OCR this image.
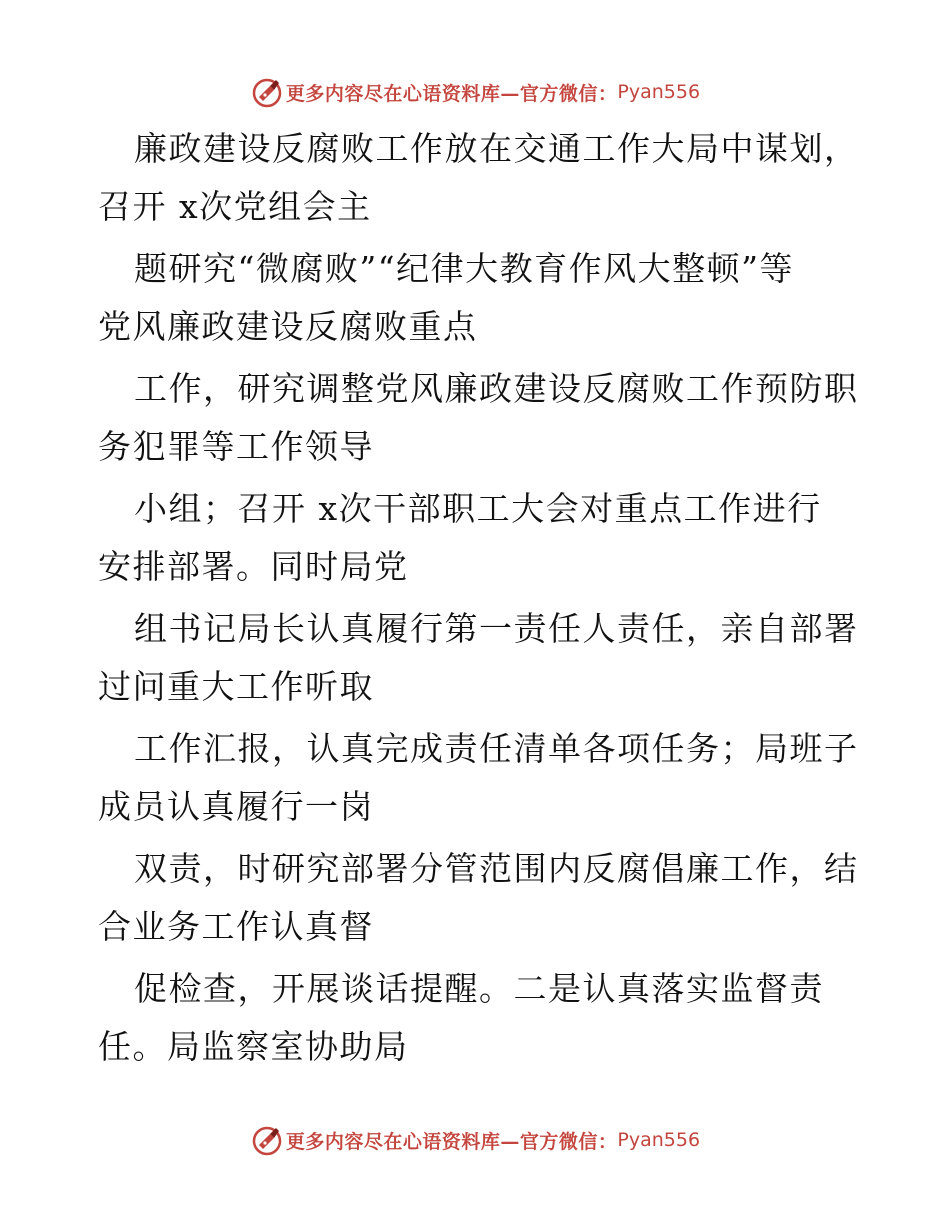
更多内容尽在心语资料库—官方微信： Pyan556
廉政建设反腐败工作放在交通工作大局中谋划，
召开 x次党组会主
题研究“微腐败”“纪律大教育作风大整顿”等
党风廉政建设反腐败重点
工作，研究调整党风廉政建设反腐败工作预防职
务犯罪等工作领导
小组；召开 x次干部职工大会对重点工作进行
安排部署。同时局党
组书记局长认真履行第一责任人责任，亲自部署
过问重大工作听取
工作汇报，认真完成责任清单各项任务；局班子
成员认真履行一岗
双责，时研究部署分管范围内反腐倡廉工作，结
合业务工作认真督
促检查，开展谈话提醒。二是认真落实监督责
任。局监察室协助局
更多内容尽在心语资料库—官方微信： Pyan556
